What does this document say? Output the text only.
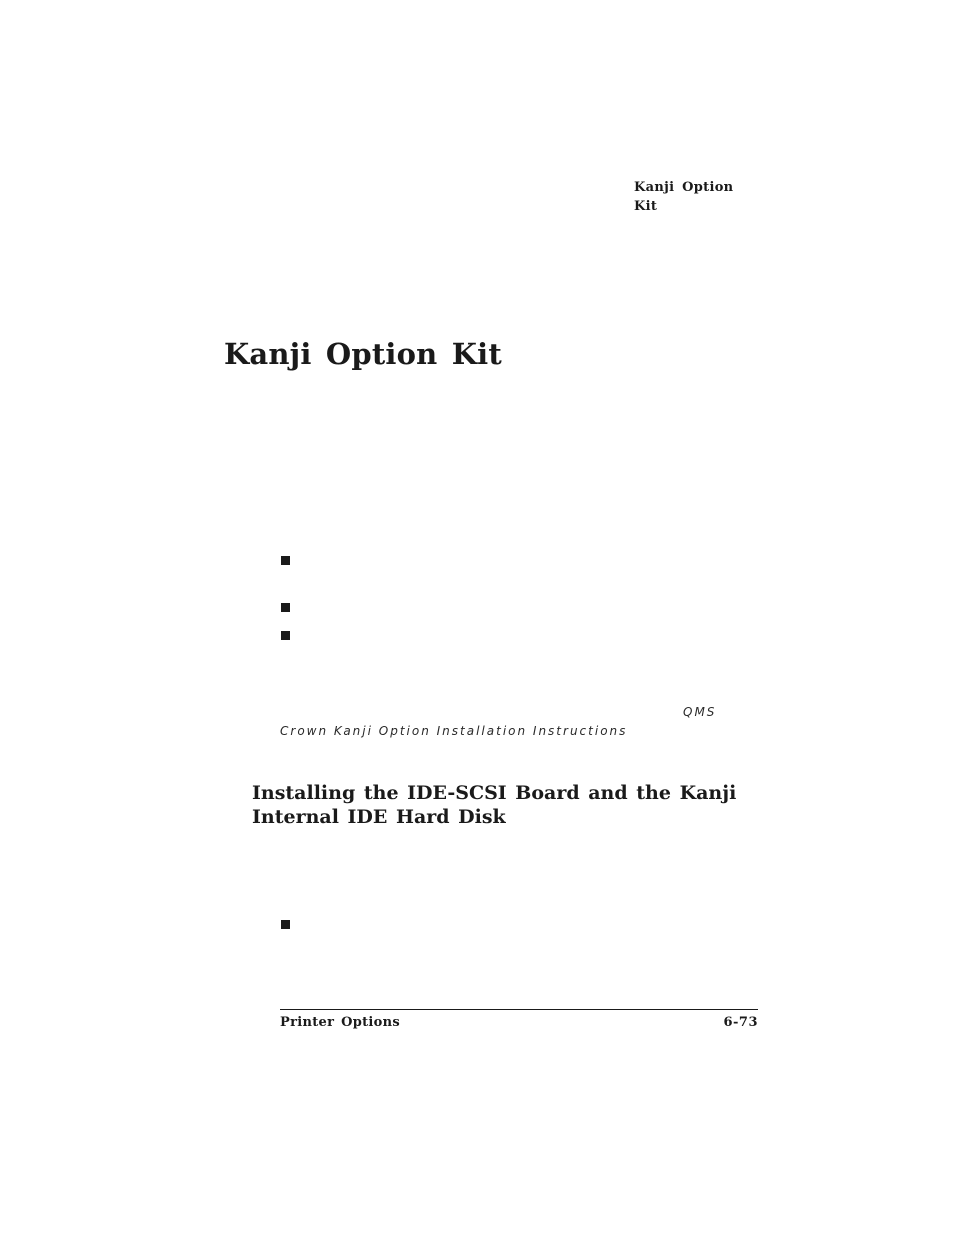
Kanji Option
Kit
Kanji Option Kit
QMS
Crown Kanji Option Installation Instructions
Installing the IDE-SCSI Board and the Kanji
Internal IDE Hard Disk
Printer Options	6-73
